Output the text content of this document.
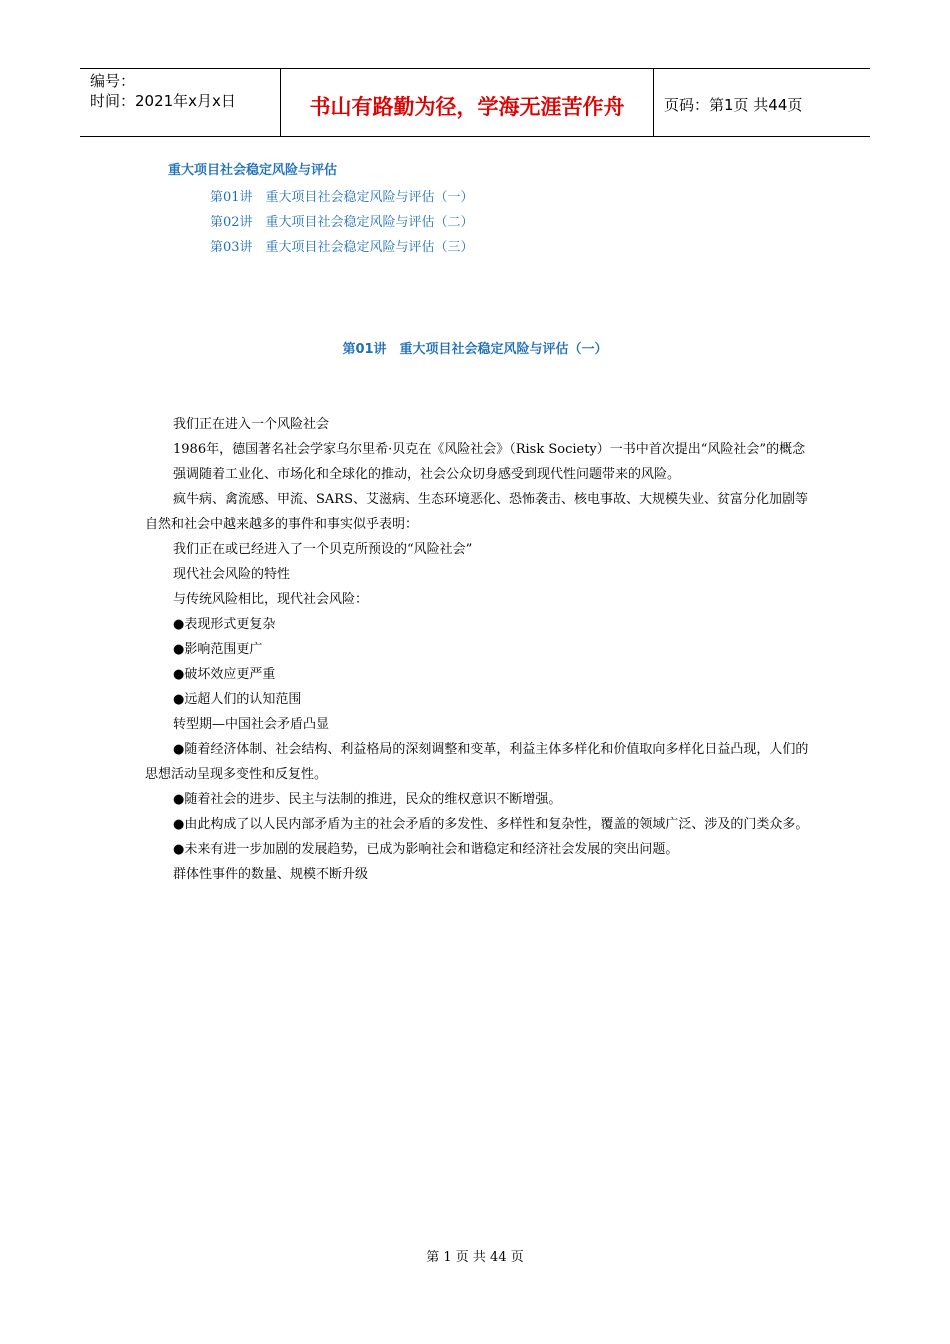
编号：
时间：2021年x月x日	书山有路勤为径，学海无涯苦作舟	页码：第1页 共44页
重大项目社会稳定风险与评估
第01讲　重大项目社会稳定风险与评估（一）
第02讲　重大项目社会稳定风险与评估（二）
第03讲　重大项目社会稳定风险与评估（三）
第01讲　重大项目社会稳定风险与评估（一）

我们正在进入一个风险社会

1986年，德国著名社会学家乌尔里希·贝克在《风险社会》（Risk Society）一书中首次提出“风险社会”的概念

强调随着工业化、市场化和全球化的推动，社会公众切身感受到现代性问题带来的风险。

疯牛病、禽流感、甲流、SARS、艾滋病、生态环境恶化、恐怖袭击、核电事故、大规模失业、贫富分化加剧等自然和社会中越来越多的事件和事实似乎表明：

我们正在或已经进入了一个贝克所预设的“风险社会”

现代社会风险的特性

与传统风险相比，现代社会风险：

●表现形式更复杂

●影响范围更广

●破坏效应更严重

●远超人们的认知范围

转型期—中国社会矛盾凸显

●随着经济体制、社会结构、利益格局的深刻调整和变革，利益主体多样化和价值取向多样化日益凸现，人们的思想活动呈现多变性和反复性。

●随着社会的进步、民主与法制的推进，民众的维权意识不断增强。

●由此构成了以人民内部矛盾为主的社会矛盾的多发性、多样性和复杂性，覆盖的领域广泛、涉及的门类众多。

●未来有进一步加剧的发展趋势，已成为影响社会和谐稳定和经济社会发展的突出问题。

群体性事件的数量、规模不断升级

第 1 页 共 44 页
